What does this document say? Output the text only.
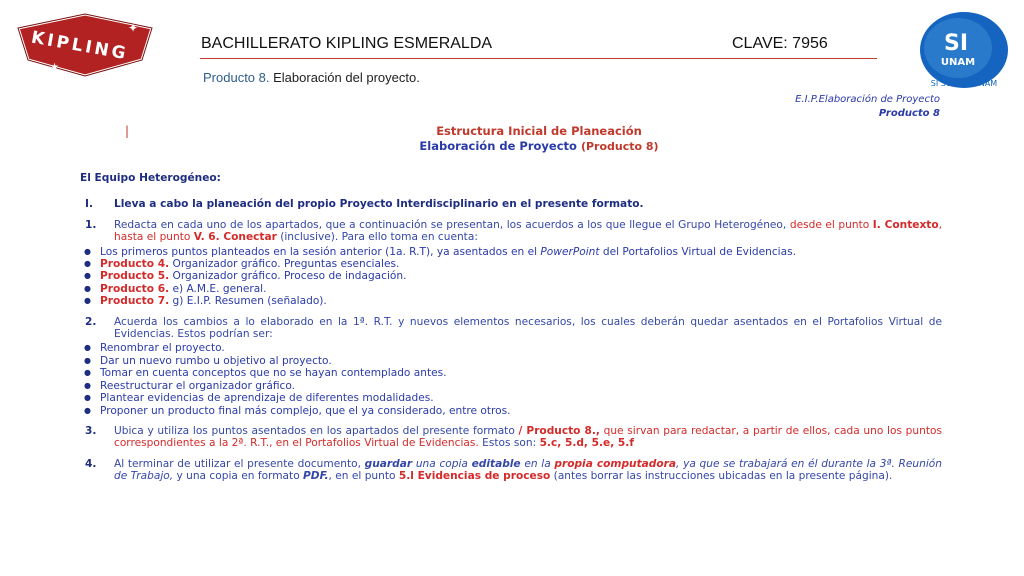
KIPLING
✦
★
BACHILLERATO KIPLING ESMERALDA	CLAVE: 7956
Producto 8. Elaboración del proyecto.	SI SOMOS UNAM
SI
UNAM
E.I.P.Elaboración de Proyecto
Producto 8
|	Estructura Inicial de Planeación
Elaboración de Proyecto (Producto 8)
El Equipo Heterogéneo:
I. Lleva a cabo la planeación del propio Proyecto Interdisciplinario en el presente formato.
1. Redacta en cada uno de los apartados, que a continuación se presentan, los acuerdos a los que llegue el Grupo Heterogéneo, desde el punto I. Contexto, hasta el punto V. 6. Conectar (inclusive). Para ello toma en cuenta:
● Los primeros puntos planteados en la sesión anterior (1a. R.T), ya asentados en el PowerPoint del Portafolios Virtual de Evidencias.
● Producto 4. Organizador gráfico. Preguntas esenciales.
● Producto 5. Organizador gráfico. Proceso de indagación.
● Producto 6. e) A.M.E. general.
● Producto 7. g) E.I.P. Resumen (señalado).
2. Acuerda los cambios a lo elaborado en la 1ª. R.T. y nuevos elementos necesarios, los cuales deberán quedar asentados en el Portafolios Virtual de Evidencias. Estos podrían ser:
● Renombrar el proyecto.
● Dar un nuevo rumbo u objetivo al proyecto.
● Tomar en cuenta conceptos que no se hayan contemplado antes.
● Reestructurar el organizador gráfico.
● Plantear evidencias de aprendizaje de diferentes modalidades.
● Proponer un producto final más complejo, que el ya considerado, entre otros.
3. Ubica y utiliza los puntos asentados en los apartados del presente formato / Producto 8., que sirvan para redactar, a partir de ellos, cada uno los puntos correspondientes a la 2ª. R.T., en el Portafolios Virtual de Evidencias. Estos son: 5.c, 5.d, 5.e, 5.f
4. Al terminar de utilizar el presente documento, guardar una copia editable en la propia computadora, ya que se trabajará en él durante la 3ª. Reunión de Trabajo, y una copia en formato PDF., en el punto 5.l Evidencias de proceso (antes borrar las instrucciones ubicadas en la presente página).
